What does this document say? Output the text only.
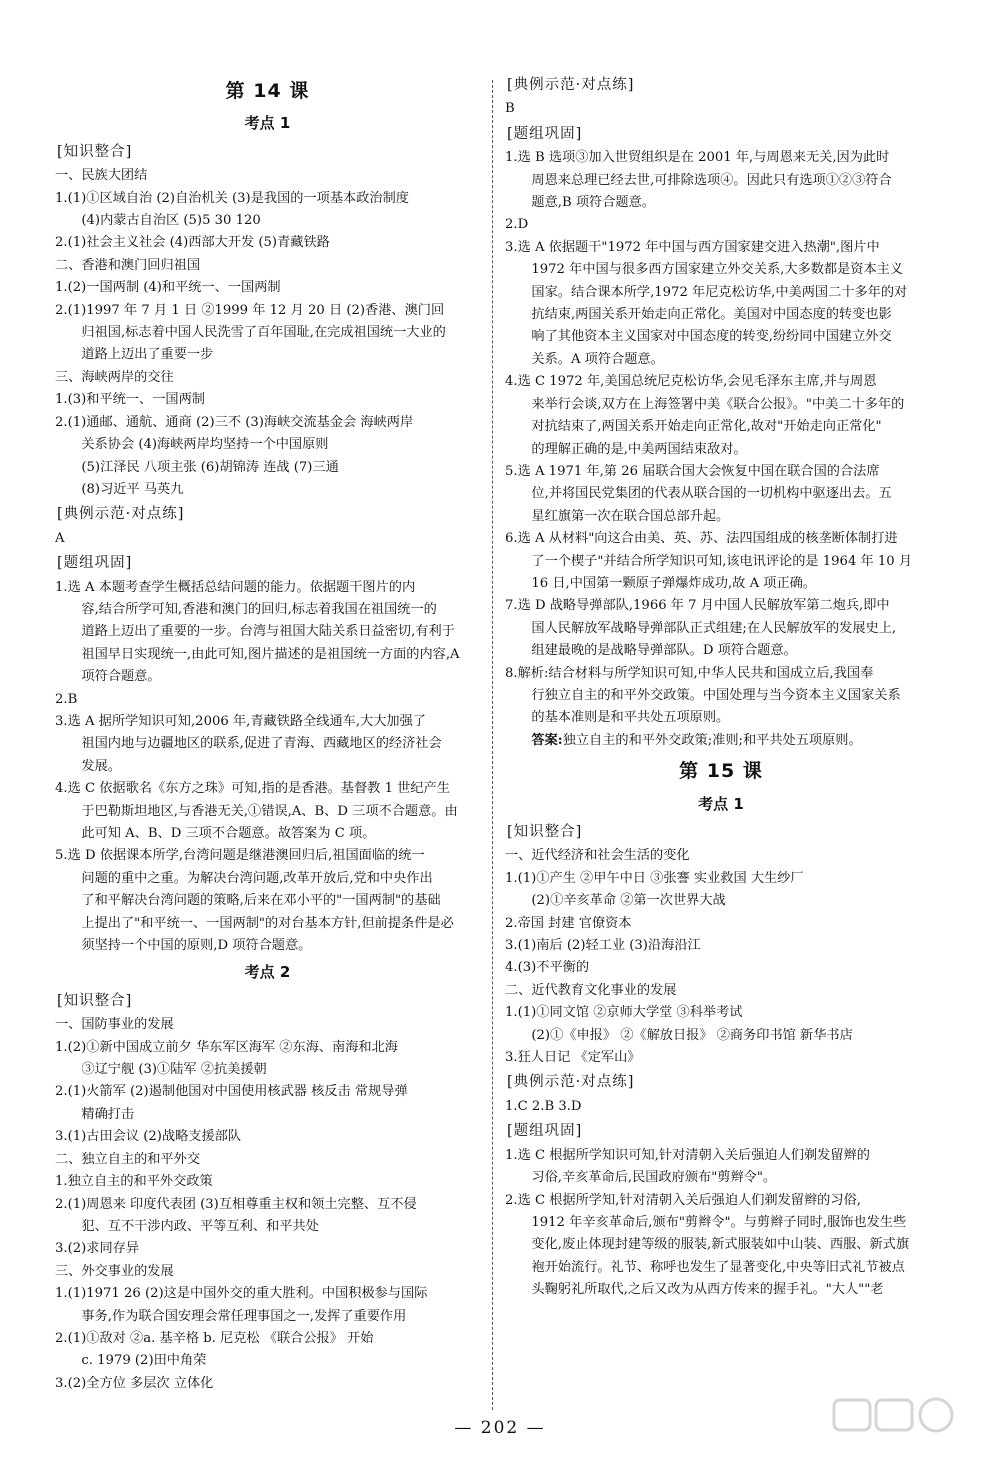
第 14 课
考点 1
[ 知识整合 ]
一、民族大团结
1.(1)①区域自治 (2)自治机关 (3)是我国的一项基本政治制度
(4)内蒙古自治区 (5)5 30 120
2.(1)社会主义社会 (4)西部大开发 (5)青藏铁路
二、香港和澳门回归祖国
1.(2)一国两制 (4)和平统一、一国两制
2.(1)1997 年 7 月 1 日 ②1999 年 12 月 20 日 (2)香港、澳门回
归祖国,标志着中国人民洗雪了百年国耻,在完成祖国统一大业的
道路上迈出了重要一步
三、海峡两岸的交往
1.(3)和平统一、一国两制
2.(1)通邮、通航、通商 (2)三不 (3)海峡交流基金会 海峡两岸
关系协会 (4)海峡两岸均坚持一个中国原则
(5)江泽民 八项主张 (6)胡锦涛 连战 (7)三通
(8)习近平 马英九
[ 典例示范·对点练 ]
A
[ 题组巩固 ]
1.选 A 本题考查学生概括总结问题的能力。依据题干图片的内
容,结合所学可知,香港和澳门的回归,标志着我国在祖国统一的
道路上迈出了重要的一步。台湾与祖国大陆关系日益密切,有利于
祖国早日实现统一,由此可知,图片描述的是祖国统一方面的内容,A
项符合题意。
2.B
3.选 A 据所学知识可知,2006 年,青藏铁路全线通车,大大加强了
祖国内地与边疆地区的联系,促进了青海、西藏地区的经济社会
发展。
4.选 C 依据歌名《东方之珠》可知,指的是香港。基督教 1 世纪产生
于巴勒斯坦地区,与香港无关,①错误,A、B、D 三项不合题意。由
此可知 A、B、D 三项不合题意。故答案为 C 项。
5.选 D 依据课本所学,台湾问题是继港澳回归后,祖国面临的统一
问题的重中之重。为解决台湾问题,改革开放后,党和中央作出
了和平解决台湾问题的策略,后来在邓小平的"一国两制"的基础
上提出了"和平统一、一国两制"的对台基本方针,但前提条件是必
须坚持一个中国的原则,D 项符合题意。
考点 2
[ 知识整合 ]
一、国防事业的发展
1.(2)①新中国成立前夕 华东军区海军 ②东海、南海和北海
③辽宁舰 (3)①陆军 ②抗美援朝
2.(1)火箭军 (2)遏制他国对中国使用核武器 核反击 常规导弹
精确打击
3.(1)古田会议 (2)战略支援部队
二、独立自主的和平外交
1.独立自主的和平外交政策
2.(1)周恩来 印度代表团 (3)互相尊重主权和领土完整、互不侵
犯、互不干涉内政、平等互利、和平共处
3.(2)求同存异
三、外交事业的发展
1.(1)1971 26 (2)这是中国外交的重大胜利。中国积极参与国际
事务,作为联合国安理会常任理事国之一,发挥了重要作用
2.(1)①敌对 ②a. 基辛格 b. 尼克松 《联合公报》 开始
c. 1979 (2)田中角荣
3.(2)全方位 多层次 立体化
[ 典例示范·对点练 ]
B
[ 题组巩固 ]
1.选 B 选项③加入世贸组织是在 2001 年,与周恩来无关,因为此时
周恩来总理已经去世,可排除选项④。因此只有选项①②③符合
题意,B 项符合题意。
2.D
3.选 A 依据题干"1972 年中国与西方国家建交进入热潮",图片中
1972 年中国与很多西方国家建立外交关系,大多数都是资本主义
国家。结合课本所学,1972 年尼克松访华,中美两国二十多年的对
抗结束,两国关系开始走向正常化。美国对中国态度的转变也影
响了其他资本主义国家对中国态度的转变,纷纷同中国建立外交
关系。A 项符合题意。
4.选 C 1972 年,美国总统尼克松访华,会见毛泽东主席,并与周恩
来举行会谈,双方在上海签署中美《联合公报》。"中美二十多年的
对抗结束了,两国关系开始走向正常化,故对"开始走向正常化"
的理解正确的是,中美两国结束敌对。
5.选 A 1971 年,第 26 届联合国大会恢复中国在联合国的合法席
位,并将国民党集团的代表从联合国的一切机构中驱逐出去。五
星红旗第一次在联合国总部升起。
6.选 A 从材料"向这合由美、英、苏、法四国组成的核垄断体制打进
了一个楔子"并结合所学知识可知,该电讯评论的是 1964 年 10 月
16 日,中国第一颗原子弹爆炸成功,故 A 项正确。
7.选 D 战略导弹部队,1966 年 7 月中国人民解放军第二炮兵,即中
国人民解放军战略导弹部队正式组建;在人民解放军的发展史上,
组建最晚的是战略导弹部队。D 项符合题意。
8.解析:结合材料与所学知识可知,中华人民共和国成立后,我国奉
行独立自主的和平外交政策。中国处理与当今资本主义国家关系
的基本准则是和平共处五项原则。
答案:独立自主的和平外交政策;准则;和平共处五项原则。
第 15 课
考点 1
[ 知识整合 ]
一、近代经济和社会生活的变化
1.(1)①产生 ②甲午中日 ③张謇 实业救国 大生纱厂
(2)①辛亥革命 ②第一次世界大战
2.帝国 封建 官僚资本
3.(1)南后 (2)轻工业 (3)沿海沿江
4.(3)不平衡的
二、近代教育文化事业的发展
1.(1)①同文馆 ②京师大学堂 ③科举考试
(2)①《申报》 ②《解放日报》 ②商务印书馆 新华书店
3.狂人日记 《定军山》
[ 典例示范·对点练 ]
1.C 2.B 3.D
[ 题组巩固 ]
1.选 C 根据所学知识可知,针对清朝入关后强迫人们剃发留辫的
习俗,辛亥革命后,民国政府颁布"剪辫令"。
2.选 C 根据所学知,针对清朝入关后强迫人们剃发留辫的习俗,
1912 年辛亥革命后,颁布"剪辫令"。与剪辫子同时,服饰也发生些
变化,废止体现封建等级的服装,新式服装如中山装、西服、新式旗
袍开始流行。礼节、称呼也发生了显著变化,中央等旧式礼节被点
头鞠躬礼所取代,之后又改为从西方传来的握手礼。"大人""老
— 202 —
